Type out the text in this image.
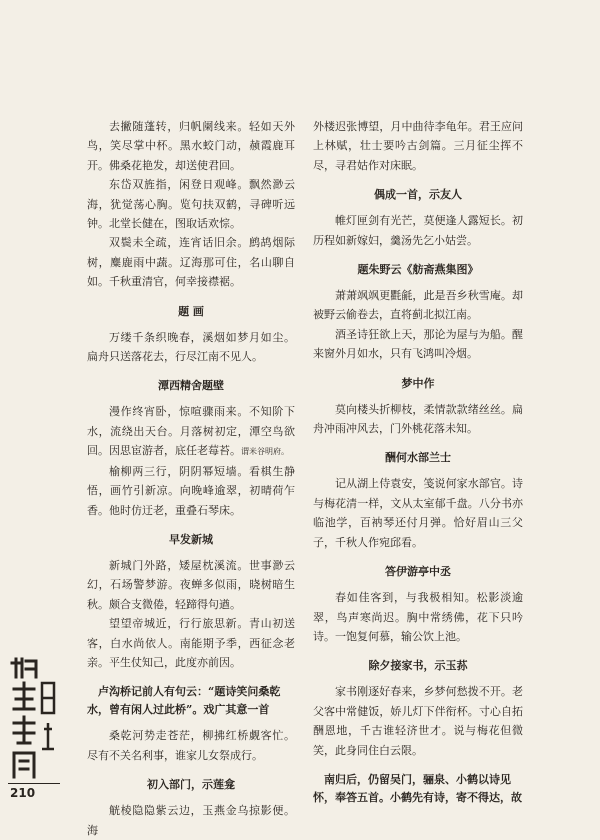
去撇随蓬转，归帆阑线来。轻如天外鸟，笑尽掌中杯。黑水蛟门动，赪霞鹿耳开。佛桑花艳发，却送使君回。

东岱双旌指，闲登日观峰。飘然渺云海，犹觉荡心胸。览句扶双鹤，寻碑听远钟。北堂长健在，图取话欢悰。

双鬓未全疏，连宵话旧余。鹧鸪烟际树，麋鹿雨中蔬。辽海那可住，名山聊自如。千秋重清官，何幸接襟裾。

题 画

万缕千条织晚春，溪烟如梦月如尘。扁舟只送落花去，行尽江南不见人。

潭西精舍题壁

漫作终宵卧，惊喧骤雨来。不知阶下水，流绕出天台。月落树初定，潭空鸟欲回。因思宦游者，底任老莓苔。谓米谷明府。

榆柳两三行，阴阴幂短墙。看棋生静悟，画竹引新凉。向晚峰逾翠，初晴荷乍香。他时仿迂老，重叠石琴床。

早发新城

新城门外路，矮屋枕溪流。世事渺云幻，石场警梦游。夜蝉多似雨，晓树暗生秋。颇合支微倦，轻蹄得句遒。

望望帝城近，行行旅思新。青山初送客，白水尚依人。南能期予季，西征念老亲。平生仗知己，此度亦前因。

卢沟桥记前人有句云：“题诗笑问桑乾水，曾有闲人过此桥”。戏广其意一首

桑乾河势走苍茫，柳拂红桥觑客忙。尽有不关名利事，谁家儿女祭成行。

初入部门，示莲龛

觥棱隐隐紫云边，玉燕金乌掠影便。海

外楼迟张博望，月中曲待李龟年。君王应问上林赋，壮士要吟古剑篇。三月征尘挥不尽，寻君姑作对床眠。

偶成一首，示友人

帷灯匣剑有光芒，莫便逢人露短长。初历程如新嫁妇，羹汤先乞小姑尝。

题朱野云《舫斋燕集图》

萧萧飒飒更氍毹，此是吾乡秋雪庵。却被野云偷卷去，直将蓟北拟江南。

酒圣诗狂欲上天，那论为屋与为船。醒来窗外月如水，只有飞鸿叫冷烟。

梦中作

莫向楼头折柳枝，柔情款款绪丝丝。扁舟冲雨冲风去，门外桃花落未知。

酬何水部兰士

记从湖上侍袁安，笺说何家水部官。诗与梅花清一样，文从太室郁千盘。八分书亦临池学，百衲琴还付月弹。恰好眉山三父子，千秋人作宛邱看。

答伊游亭中丞

春如佳客到，与我极相知。松影淡逾翠，鸟声寒尚迟。胸中常绣佛，花下只吟诗。一饱复何慕，输公饮上池。

除夕接家书，示玉荪

家书刚逐好春来，乡梦何愁拨不开。老父客中常健饭，娇儿灯下伴衔杯。寸心自拓酬恩地，千古谁轻济世才。说与梅花但微笑，此身同住白云限。

南归后，仍留吴门，骊泉、小鹤以诗见怀，奉答五首。小鹤先有诗，寄不得达，故
210
